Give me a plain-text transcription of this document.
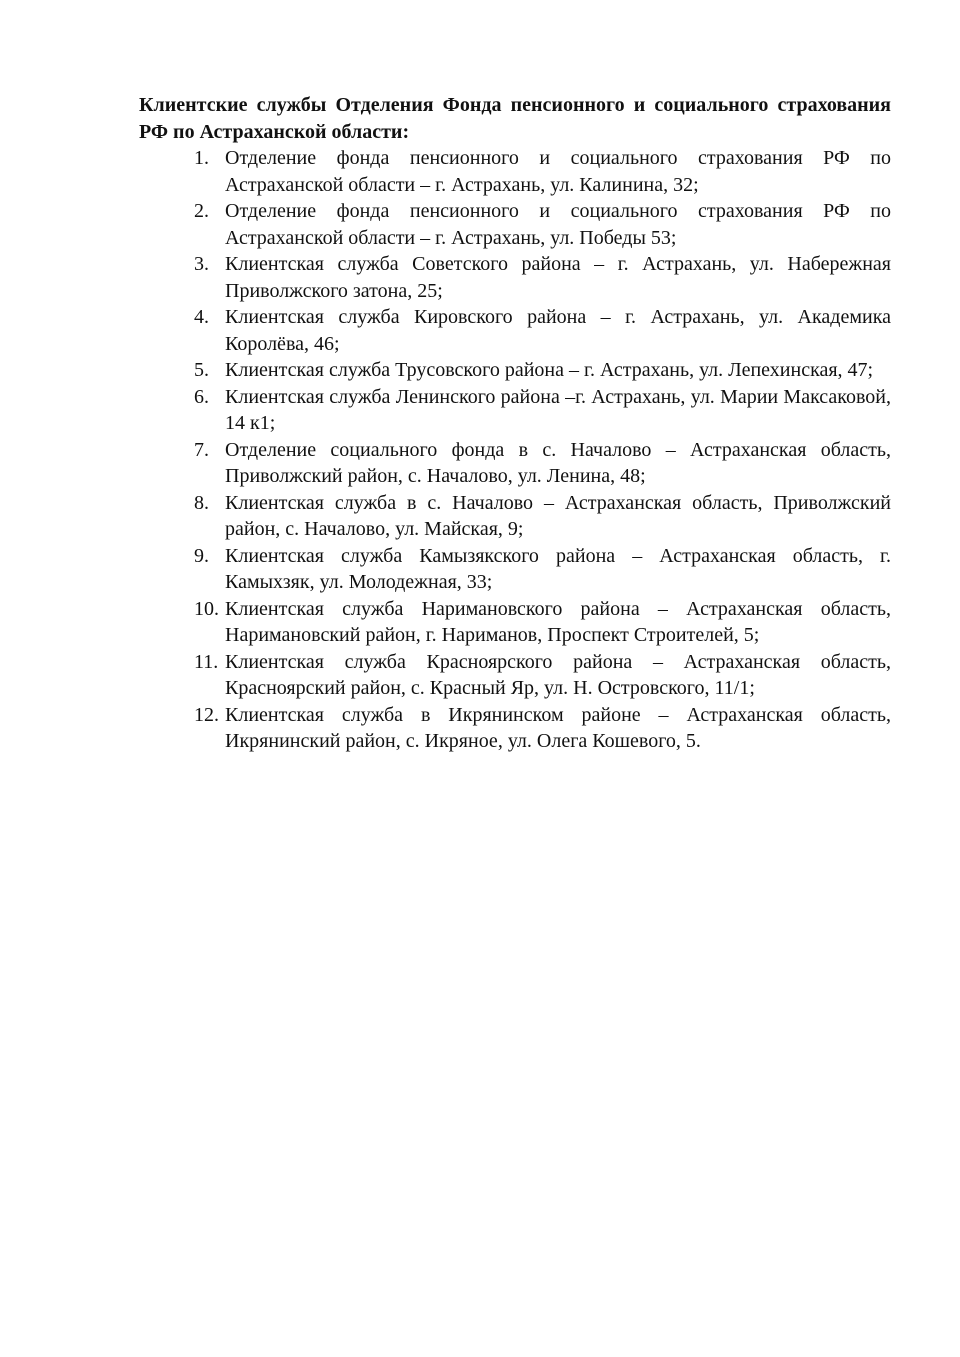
Клиентские службы Отделения Фонда пенсионного и социального страхования РФ по Астраханской области:

1. Отделение фонда пенсионного и социального страхования РФ по Астраханской области – г. Астрахань, ул. Калинина, 32;
2. Отделение фонда пенсионного и социального страхования РФ по Астраханской области – г. Астрахань, ул. Победы 53;
3. Клиентская служба Советского района – г. Астрахань, ул. Набережная Приволжского затона, 25;
4. Клиентская служба Кировского района – г. Астрахань, ул. Академика Королёва, 46;
5. Клиентская служба Трусовского района – г. Астрахань, ул. Лепехинская, 47;
6. Клиентская служба Ленинского района –г. Астрахань, ул. Марии Максаковой, 14 к1;
7. Отделение социального фонда в с. Началово – Астраханская область, Приволжский район, с. Началово, ул. Ленина, 48;
8. Клиентская служба в с. Началово – Астраханская область, Приволжский район, с. Началово, ул. Майская, 9;
9. Клиентская служба Камызякского района – Астраханская область, г. Камыхзяк, ул. Молодежная, 33;
10. Клиентская служба Наримановского района – Астраханская область, Наримановский район, г. Нариманов, Проспект Строителей, 5;
11. Клиентская служба Красноярского района – Астраханская область, Красноярский район, с. Красный Яр, ул. Н. Островского, 11/1;
12. Клиентская служба в Икрянинском районе – Астраханская область, Икрянинский район, с. Икряное, ул. Олега Кошевого, 5.
